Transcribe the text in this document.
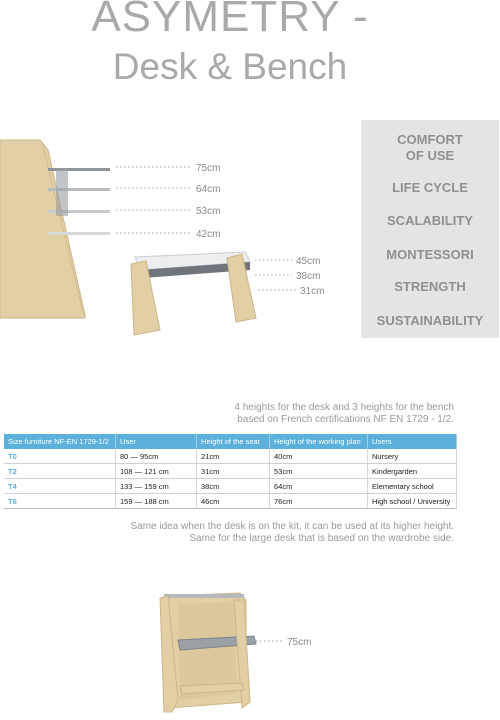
ASYMETRY -
Desk & Bench
75cm
64cm
53cm
42cm
45cm
38cm
31cm
COMFORT
OF USE
LIFE CYCLE
SCALABILITY
MONTESSORI
STRENGTH
SUSTAINABILITY
4 heights for the desk and 3 heights for the bench
based on French certifications NF EN 1729 - 1/2.
Size furniture NF-EN 1729-1/2	User	Height of the seat	Height of the working plan	Users
T0	80 — 95cm	21cm	40cm	Nursery
T2	108 — 121 cm	31cm	53cm	Kindergarden
T4	133 — 159 cm	38cm	64cm	Elementary school
T6	159 — 188 cm	46cm	76cm	High school / University
Same idea when the desk is on the kit, it can be used at its higher height.
Same for the large desk that is based on the wardrobe side.
75cm
